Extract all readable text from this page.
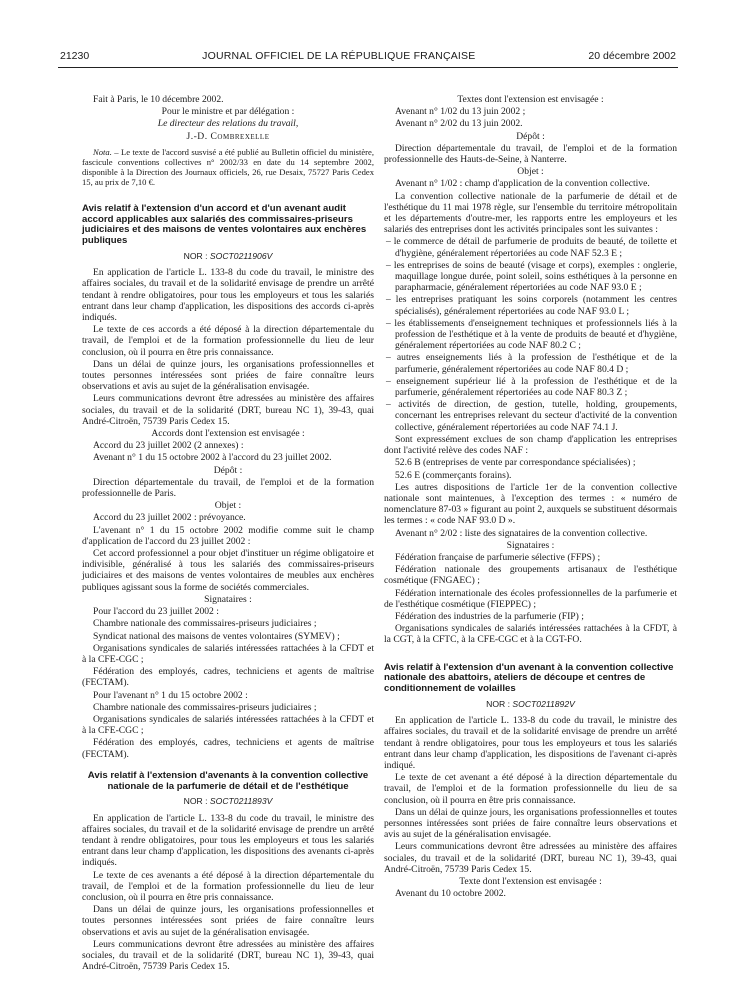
21230	JOURNAL OFFICIEL DE LA RÉPUBLIQUE FRANÇAISE	20 décembre 2002

Fait à Paris, le 10 décembre 2002.

Pour le ministre et par délégation :

Le directeur des relations du travail,

J.-D. Combrexelle

Nota. – Le texte de l'accord susvisé a été publié au Bulletin officiel du ministère, fascicule conventions collectives n° 2002/33 en date du 14 septembre 2002, disponible à la Direction des Journaux officiels, 26, rue Desaix, 75727 Paris Cedex 15, au prix de 7,10 €.

Avis relatif à l'extension d'un accord et d'un avenant audit accord applicables aux salariés des commissaires-priseurs judiciaires et des maisons de ventes volontaires aux enchères publiques
NOR : SOCT0211906V

En application de l'article L. 133-8 du code du travail, le ministre des affaires sociales, du travail et de la solidarité envisage de prendre un arrêté tendant à rendre obligatoires, pour tous les employeurs et tous les salariés entrant dans leur champ d'application, les dispositions des accords ci-après indiqués.

Le texte de ces accords a été déposé à la direction départementale du travail, de l'emploi et de la formation professionnelle du lieu de leur conclusion, où il pourra en être pris connaissance.

Dans un délai de quinze jours, les organisations professionnelles et toutes personnes intéressées sont priées de faire connaître leurs observations et avis au sujet de la généralisation envisagée.

Leurs communications devront être adressées au ministère des affaires sociales, du travail et de la solidarité (DRT, bureau NC 1), 39-43, quai André-Citroën, 75739 Paris Cedex 15.

Accords dont l'extension est envisagée :

Accord du 23 juillet 2002 (2 annexes) :

Avenant n° 1 du 15 octobre 2002 à l'accord du 23 juillet 2002.

Dépôt :

Direction départementale du travail, de l'emploi et de la formation professionnelle de Paris.

Objet :

Accord du 23 juillet 2002 : prévoyance.

L'avenant n° 1 du 15 octobre 2002 modifie comme suit le champ d'application de l'accord du 23 juillet 2002 :

Cet accord professionnel a pour objet d'instituer un régime obligatoire et indivisible, généralisé à tous les salariés des commissaires-priseurs judiciaires et des maisons de ventes volontaires de meubles aux enchères publiques agissant sous la forme de sociétés commerciales.

Signataires :

Pour l'accord du 23 juillet 2002 :

Chambre nationale des commissaires-priseurs judiciaires ;

Syndicat national des maisons de ventes volontaires (SYMEV) ;

Organisations syndicales de salariés intéressées rattachées à la CFDT et à la CFE-CGC ;

Fédération des employés, cadres, techniciens et agents de maîtrise (FECTAM).

Pour l'avenant n° 1 du 15 octobre 2002 :

Chambre nationale des commissaires-priseurs judiciaires ;

Organisations syndicales de salariés intéressées rattachées à la CFDT et à la CFE-CGC ;

Fédération des employés, cadres, techniciens et agents de maîtrise (FECTAM).

Avis relatif à l'extension d'avenants à la convention collective nationale de la parfumerie de détail et de l'esthétique
NOR : SOCT0211893V

En application de l'article L. 133-8 du code du travail, le ministre des affaires sociales, du travail et de la solidarité envisage de prendre un arrêté tendant à rendre obligatoires, pour tous les employeurs et tous les salariés entrant dans leur champ d'application, les dispositions des avenants ci-après indiqués.

Le texte de ces avenants a été déposé à la direction départementale du travail, de l'emploi et de la formation professionnelle du lieu de leur conclusion, où il pourra en être pris connaissance.

Dans un délai de quinze jours, les organisations professionnelles et toutes personnes intéressées sont priées de faire connaître leurs observations et avis au sujet de la généralisation envisagée.

Leurs communications devront être adressées au ministère des affaires sociales, du travail et de la solidarité (DRT, bureau NC 1), 39-43, quai André-Citroën, 75739 Paris Cedex 15.

Textes dont l'extension est envisagée :

Avenant n° 1/02 du 13 juin 2002 ;

Avenant n° 2/02 du 13 juin 2002.

Dépôt :

Direction départementale du travail, de l'emploi et de la formation professionnelle des Hauts-de-Seine, à Nanterre.

Objet :

Avenant n° 1/02 : champ d'application de la convention collective.

La convention collective nationale de la parfumerie de détail et de l'esthétique du 11 mai 1978 règle, sur l'ensemble du territoire métropolitain et les départements d'outre-mer, les rapports entre les employeurs et les salariés des entreprises dont les activités principales sont les suivantes :

– le commerce de détail de parfumerie de produits de beauté, de toilette et d'hygiène, généralement répertoriées au code NAF 52.3 E ;

– les entreprises de soins de beauté (visage et corps), exemples : onglerie, maquillage longue durée, point soleil, soins esthétiques à la personne en parapharmacie, généralement répertoriées au code NAF 93.0 E ;

– les entreprises pratiquant les soins corporels (notamment les centres spécialisés), généralement répertoriées au code NAF 93.0 L ;

– les établissements d'enseignement techniques et professionnels liés à la profession de l'esthétique et à la vente de produits de beauté et d'hygiène, généralement répertoriées au code NAF 80.2 C ;

– autres enseignements liés à la profession de l'esthétique et de la parfumerie, généralement répertoriées au code NAF 80.4 D ;

– enseignement supérieur lié à la profession de l'esthétique et de la parfumerie, généralement répertoriées au code NAF 80.3 Z ;

– activités de direction, de gestion, tutelle, holding, groupements, concernant les entreprises relevant du secteur d'activité de la convention collective, généralement répertoriées au code NAF 74.1 J.

Sont expressément exclues de son champ d'application les entreprises dont l'activité relève des codes NAF :

52.6 B (entreprises de vente par correspondance spécialisées) ;

52.6 E (commerçants forains).

Les autres dispositions de l'article 1er de la convention collective nationale sont maintenues, à l'exception des termes : « numéro de nomenclature 87-03 » figurant au point 2, auxquels se substituent désormais les termes : « code NAF 93.0 D ».

Avenant n° 2/02 : liste des signataires de la convention collective.

Signataires :

Fédération française de parfumerie sélective (FFPS) ;

Fédération nationale des groupements artisanaux de l'esthétique cosmétique (FNGAEC) ;

Fédération internationale des écoles professionnelles de la parfumerie et de l'esthétique cosmétique (FIEPPEC) ;

Fédération des industries de la parfumerie (FIP) ;

Organisations syndicales de salariés intéressées rattachées à la CFDT, à la CGT, à la CFTC, à la CFE-CGC et à la CGT-FO.

Avis relatif à l'extension d'un avenant à la convention collective nationale des abattoirs, ateliers de découpe et centres de conditionnement de volailles
NOR : SOCT0211892V

En application de l'article L. 133-8 du code du travail, le ministre des affaires sociales, du travail et de la solidarité envisage de prendre un arrêté tendant à rendre obligatoires, pour tous les employeurs et tous les salariés entrant dans leur champ d'application, les dispositions de l'avenant ci-après indiqué.

Le texte de cet avenant a été déposé à la direction départementale du travail, de l'emploi et de la formation professionnelle du lieu de sa conclusion, où il pourra en être pris connaissance.

Dans un délai de quinze jours, les organisations professionnelles et toutes personnes intéressées sont priées de faire connaître leurs observations et avis au sujet de la généralisation envisagée.

Leurs communications devront être adressées au ministère des affaires sociales, du travail et de la solidarité (DRT, bureau NC 1), 39-43, quai André-Citroën, 75739 Paris Cedex 15.

Texte dont l'extension est envisagée :

Avenant du 10 octobre 2002.
